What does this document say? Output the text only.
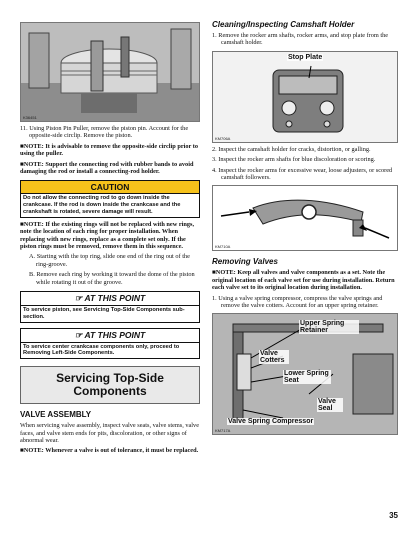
K36451

11. Using Piston Pin Puller, remove the piston pin. Account for the opposite-side circlip. Remove the piston.

■NOTE: It is advisable to remove the opposite-side circlip prior to using the puller.

■NOTE: Support the connecting rod with rubber bands to avoid damaging the rod or install a connecting-rod holder.

CAUTION
Do not allow the connecting rod to go down inside the crankcase. If the rod is down inside the crankcase and the crankshaft is rotated, severe damage will result.

■NOTE: If the existing rings will not be replaced with new rings, note the location of each ring for proper installation. When replacing with new rings, replace as a complete set only. If the piston rings must be removed, remove them in this sequence.

A. Starting with the top ring, slide one end of the ring out of the ring-groove.

B. Remove each ring by working it toward the dome of the piston while rotating it out of the groove.

☞ AT THIS POINT
To service piston, see Servicing Top-Side Components sub-section.
☞ AT THIS POINT
To service center crankcase components only, proceed to Removing Left-Side Components.
Servicing Top-Side
Components
VALVE ASSEMBLY

When servicing valve assembly, inspect valve seats, valve stems, valve faces, and valve stem ends for pits, discoloration, or other signs of abnormal wear.

■NOTE: Whenever a valve is out of tolerance, it must be replaced.

Cleaning/Inspecting Camshaft Holder

1. Remove the rocker arm shafts, rocker arms, and stop plate from the camshaft holder.

Stop Plate
KM706A

2. Inspect the camshaft holder for cracks, distortion, or galling.

3. Inspect the rocker arm shafts for blue discoloration or scoring.

4. Inspect the rocker arms for excessive wear, loose adjusters, or scored camshaft followers.

KM710A
Removing Valves

■NOTE: Keep all valves and valve components as a set. Note the original location of each valve set for use during installation. Return each valve set to its original location during installation.

1. Using a valve spring compressor, compress the valve springs and remove the valve cotters. Account for an upper spring retainer.

Upper Spring Retainer
Valve Cotters
Lower Spring Seat
Valve Seal
Valve Spring Compressor
KM717A
35
